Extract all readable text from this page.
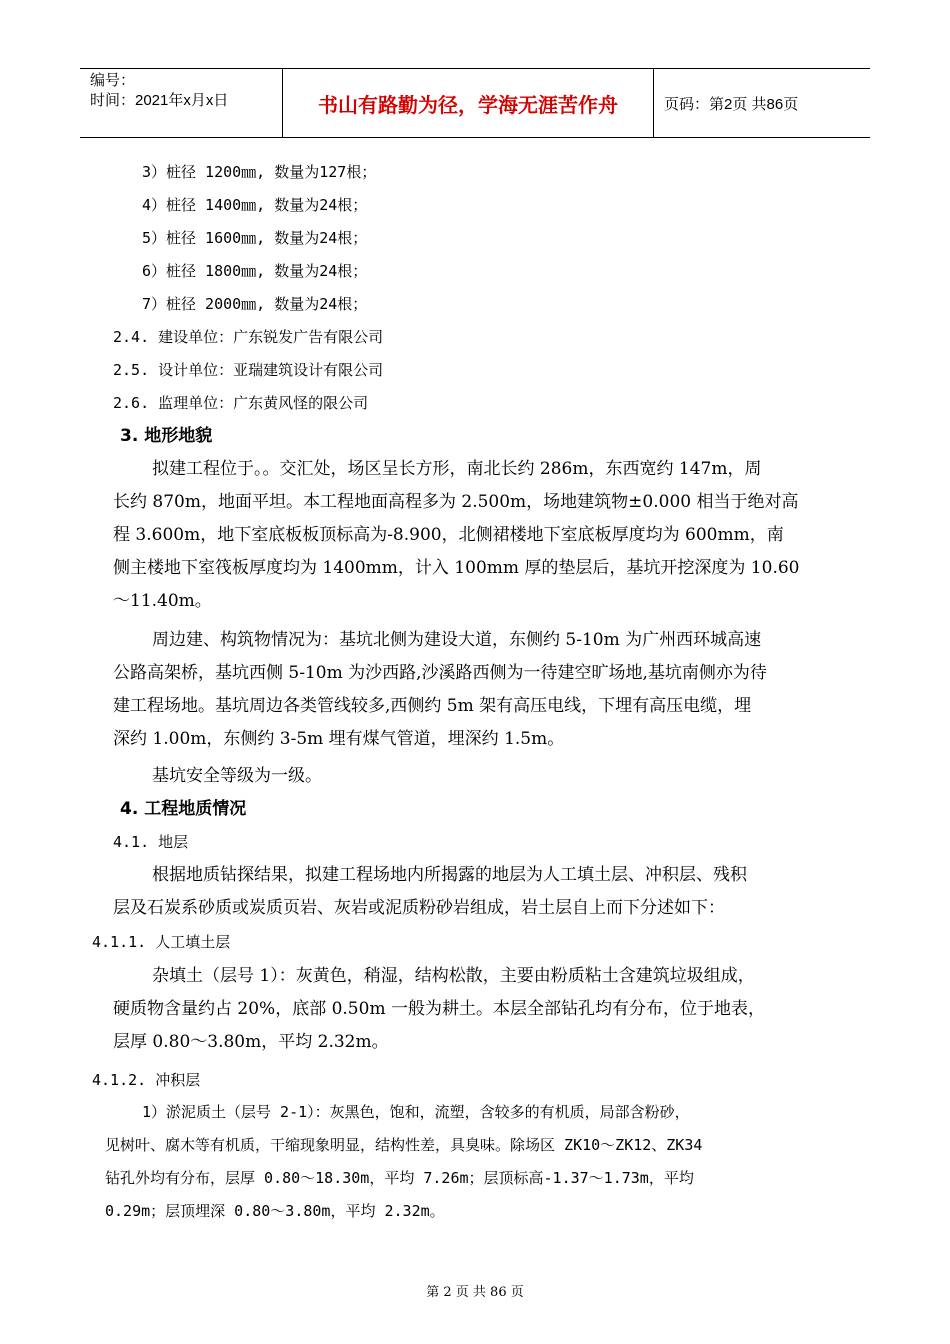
编号：
时间：2021年x月x日	书山有路勤为径，学海无涯苦作舟	页码：第2页 共86页
3）桩径 1200㎜, 数量为127根；
4）桩径 1400㎜, 数量为24根；
5）桩径 1600㎜, 数量为24根；
6）桩径 1800㎜, 数量为24根；
7）桩径 2000㎜, 数量为24根；
2.4. 建设单位：广东锐发广告有限公司
2.5. 设计单位：亚瑞建筑设计有限公司
2.6. 监理单位：广东黄风怪的限公司
3. 地形地貌
拟建工程位于。。交汇处，场区呈长方形，南北长约 286m，东西宽约 147m，周
长约 870m，地面平坦。本工程地面高程多为 2.500m，场地建筑物±0.000 相当于绝对高
程 3.600m，地下室底板板顶标高为-8.900，北侧裙楼地下室底板厚度均为 600mm，南
侧主楼地下室筏板厚度均为 1400mm，计入 100mm 厚的垫层后，基坑开挖深度为 10.60
～11.40m。
周边建、构筑物情况为：基坑北侧为建设大道，东侧约 5-10m 为广州西环城高速
公路高架桥，基坑西侧 5-10m 为沙西路,沙溪路西侧为一待建空旷场地,基坑南侧亦为待
建工程场地。基坑周边各类管线较多,西侧约 5m 架有高压电线，下埋有高压电缆，埋
深约 1.00m，东侧约 3-5m 埋有煤气管道，埋深约 1.5m。
基坑安全等级为一级。
4. 工程地质情况
4.1. 地层
根据地质钻探结果，拟建工程场地内所揭露的地层为人工填土层、冲积层、残积
层及石炭系砂质或炭质页岩、灰岩或泥质粉砂岩组成，岩土层自上而下分述如下：
4.1.1. 人工填土层
杂填土（层号 1）：灰黄色，稍湿，结构松散，主要由粉质粘土含建筑垃圾组成，
硬质物含量约占 20%，底部 0.50m 一般为耕土。本层全部钻孔均有分布，位于地表，
层厚 0.80～3.80m，平均 2.32m。
4.1.2. 冲积层
1）淤泥质土（层号 2-1）：灰黑色，饱和，流塑，含较多的有机质，局部含粉砂，
见树叶、腐木等有机质，干缩现象明显，结构性差，具臭味。除场区 ZK10～ZK12、ZK34
钻孔外均有分布，层厚 0.80～18.30m，平均 7.26m；层顶标高-1.37～1.73m，平均
0.29m；层顶埋深 0.80～3.80m，平均 2.32m。
第 2 页 共 86 页
